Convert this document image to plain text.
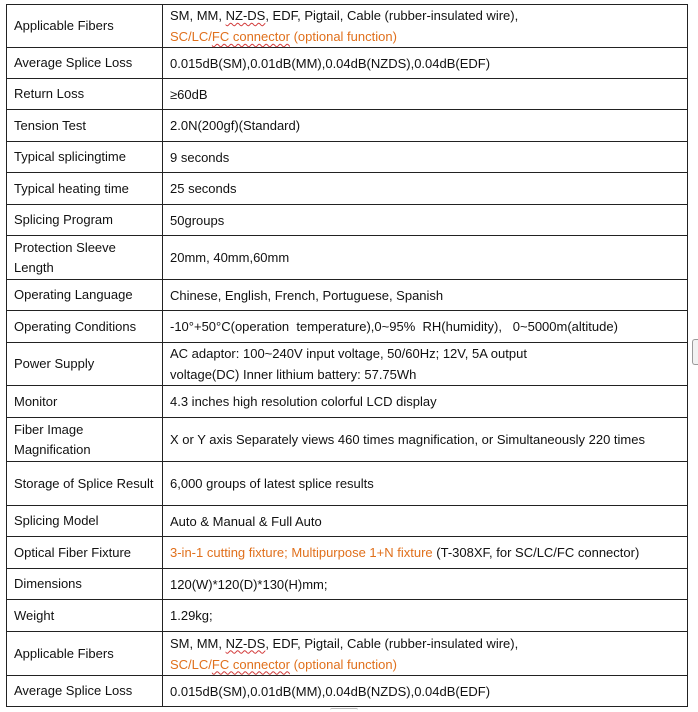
Applicable Fibers	SM, MM, NZ-DS, EDF, Pigtail, Cable (rubber-insulated wire),
SC/LC/FC connector (optional function)

Average Splice Loss	0.015dB(SM),0.01dB(MM),0.04dB(NZDS),0.04dB(EDF)

Return Loss	≥60dB

Tension Test	2.0N(200gf)(Standard)

Typical splicingtime	9 seconds

Typical heating time	25 seconds

Splicing Program	50groups

Protection Sleeve Length	20mm, 40mm,60mm

Operating Language	Chinese, English, French, Portuguese, Spanish

Operating Conditions	-10°+50°C(operation  temperature),0~95%  RH(humidity),   0~5000m(altitude)

Power Supply	AC adaptor: 100~240V input voltage, 50/60Hz; 12V, 5A output
voltage(DC) Inner lithium battery: 57.75Wh

Monitor	4.3 inches high resolution colorful LCD display

Fiber Image Magnification	X or Y axis Separately views 460 times magnification, or Simultaneously 220 times

Storage of Splice Result	6,000 groups of latest splice results

Splicing Model	Auto & Manual & Full Auto

Optical Fiber Fixture	3-in-1 cutting fixture; Multipurpose 1+N fixture (T-308XF, for SC/LC/FC connector)

Dimensions	120(W)*120(D)*130(H)mm;

Weight	1.29kg;

Applicable Fibers	SM, MM, NZ-DS, EDF, Pigtail, Cable (rubber-insulated wire),
SC/LC/FC connector (optional function)

Average Splice Loss	0.015dB(SM),0.01dB(MM),0.04dB(NZDS),0.04dB(EDF)
